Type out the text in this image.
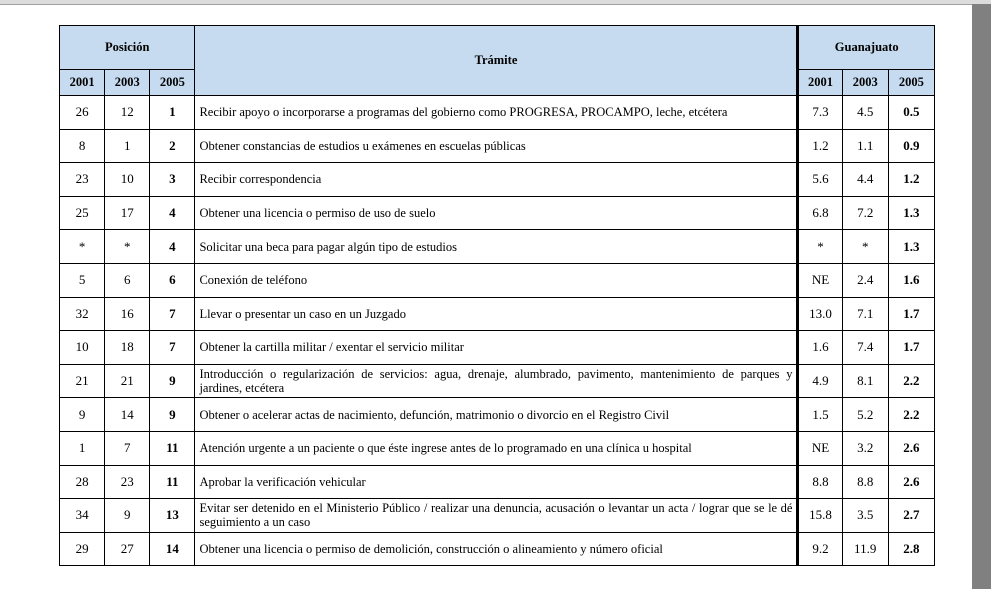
Posición			Trámite	Guanajuato		
2001	2003	2005		2001	2003	2005
26	12	1	Recibir apoyo o incorporarse a programas del gobierno como PROGRESA, PROCAMPO, leche, etcétera	7.3	4.5	0.5
8	1	2	Obtener constancias de estudios u exámenes en escuelas públicas	1.2	1.1	0.9
23	10	3	Recibir correspondencia	5.6	4.4	1.2
25	17	4	Obtener una licencia o permiso de uso de suelo	6.8	7.2	1.3
*	*	4	Solicitar una beca para pagar algún tipo de estudios	*	*	1.3
5	6	6	Conexión de teléfono	NE	2.4	1.6
32	16	7	Llevar o presentar un caso en un Juzgado	13.0	7.1	1.7
10	18	7	Obtener la cartilla militar / exentar el servicio militar	1.6	7.4	1.7
21	21	9	Introducción o regularización de servicios: agua, drenaje, alumbrado, pavimento, mantenimiento de parques y jardines, etcétera	4.9	8.1	2.2
9	14	9	Obtener o acelerar actas de nacimiento, defunción, matrimonio o divorcio en el Registro Civil	1.5	5.2	2.2
1	7	11	Atención urgente a un paciente o que éste ingrese antes de lo programado en una clínica u hospital	NE	3.2	2.6
28	23	11	Aprobar la verificación vehicular	8.8	8.8	2.6
34	9	13	Evitar ser detenido en el Ministerio Público / realizar una denuncia, acusación o levantar un acta / lograr que se le dé seguimiento a un caso	15.8	3.5	2.7
29	27	14	Obtener una licencia o permiso de demolición, construcción o alineamiento y número oficial	9.2	11.9	2.8
